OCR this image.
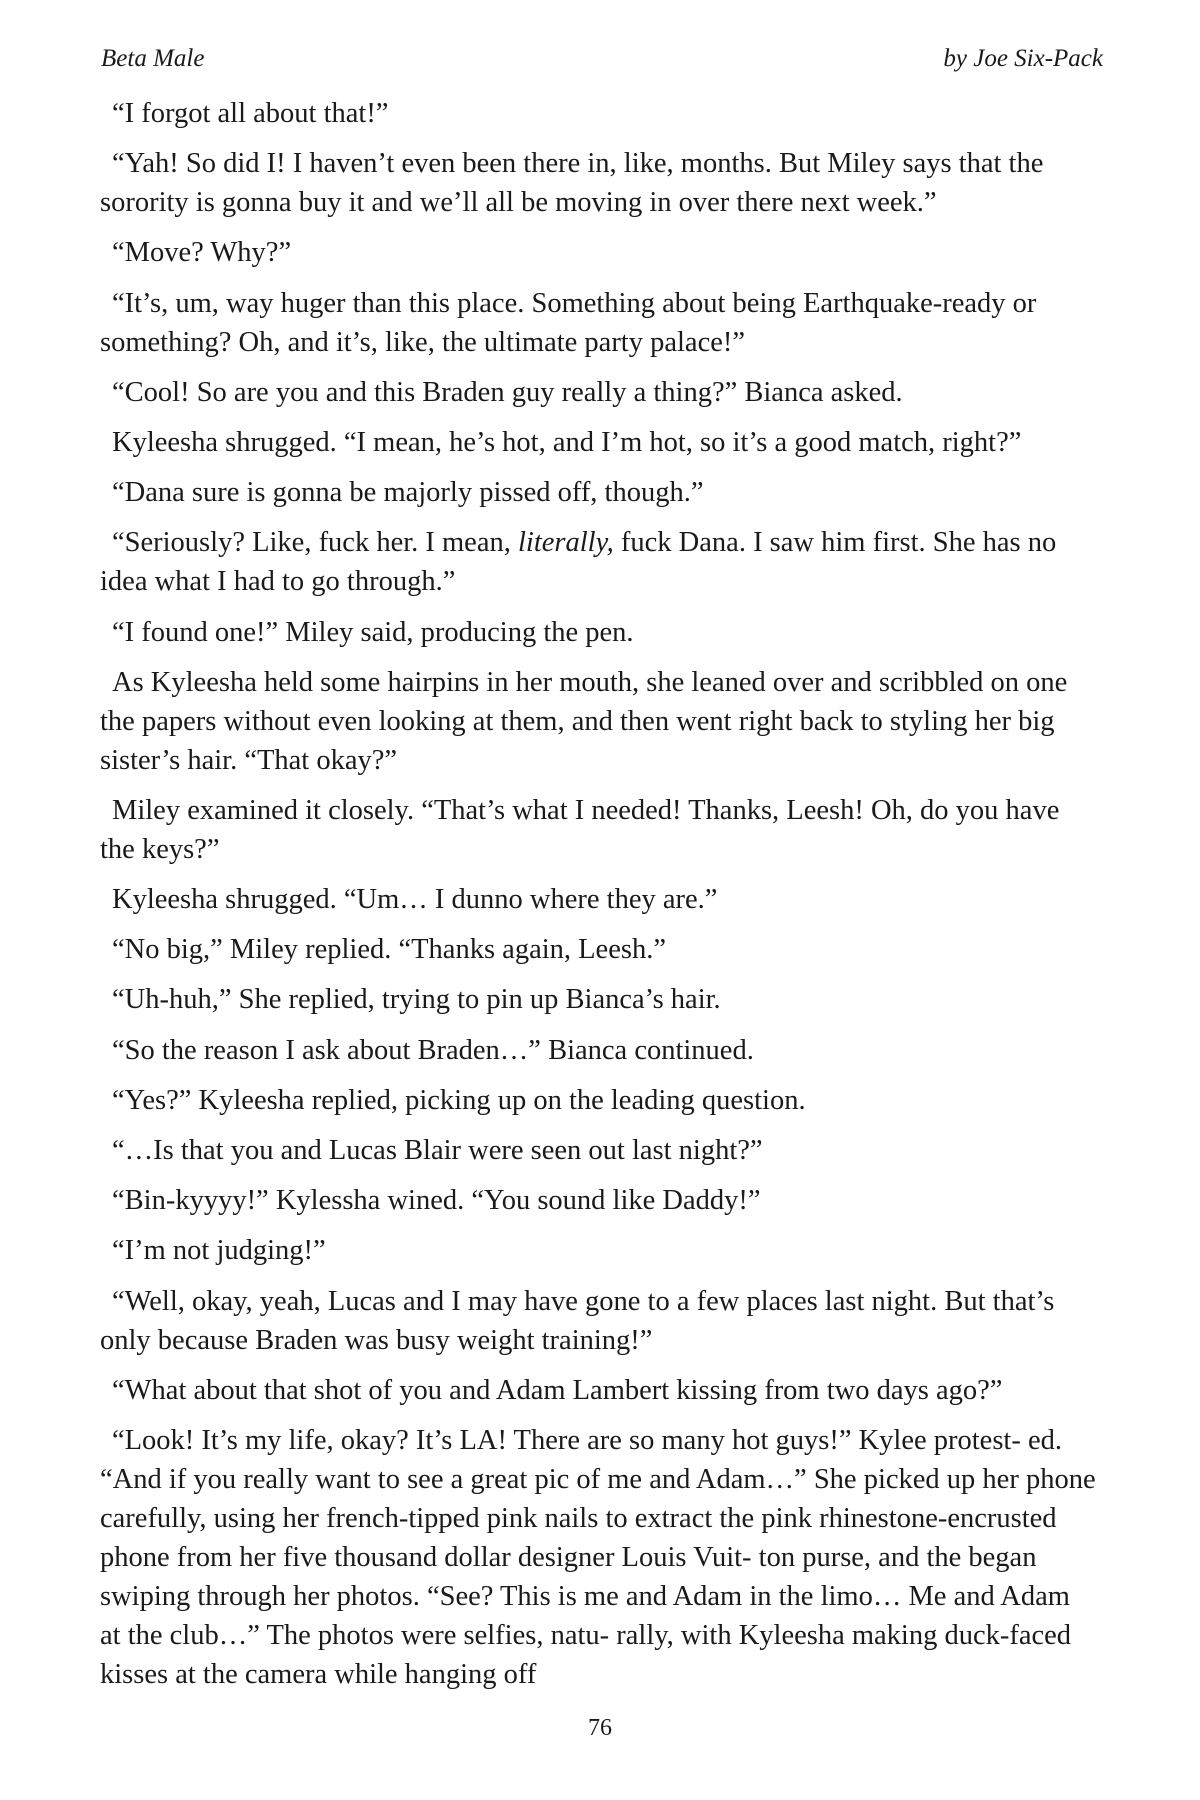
Beta Male	by Joe Six-Pack

“I forgot all about that!”

“Yah! So did I! I haven’t even been there in, like, months. But Miley says that the sorority is gonna buy it and we’ll all be moving in over there next week.”

“Move? Why?”

“It’s, um, way huger than this place. Something about being Earthquake-ready or something? Oh, and it’s, like, the ultimate party palace!”

“Cool! So are you and this Braden guy really a thing?” Bianca asked.

Kyleesha shrugged. “I mean, he’s hot, and I’m hot, so it’s a good match, right?”

“Dana sure is gonna be majorly pissed off, though.”

“Seriously? Like, fuck her. I mean, literally, fuck Dana. I saw him first. She has no idea what I had to go through.”

“I found one!” Miley said, producing the pen.

As Kyleesha held some hairpins in her mouth, she leaned over and scribbled on one the papers without even looking at them, and then went right back to styling her big sister’s hair. “That okay?”

Miley examined it closely. “That’s what I needed! Thanks, Leesh! Oh, do you have the keys?”

Kyleesha shrugged. “Um… I dunno where they are.”

“No big,” Miley replied. “Thanks again, Leesh.”

“Uh-huh,” She replied, trying to pin up Bianca’s hair.

“So the reason I ask about Braden…” Bianca continued.

“Yes?” Kyleesha replied, picking up on the leading question.

“…Is that you and Lucas Blair were seen out last night?”

“Bin-kyyyy!” Kylessha wined. “You sound like Daddy!”

“I’m not judging!”

“Well, okay, yeah, Lucas and I may have gone to a few places last night. But that’s only because Braden was busy weight training!”

“What about that shot of you and Adam Lambert kissing from two days ago?”

“Look! It’s my life, okay? It’s LA! There are so many hot guys!” Kylee protest- ed. “And if you really want to see a great pic of me and Adam…” She picked up her phone carefully, using her french-tipped pink nails to extract the pink rhinestone-encrusted phone from her five thousand dollar designer Louis Vuit- ton purse, and the began swiping through her photos. “See? This is me and Adam in the limo… Me and Adam at the club…” The photos were selfies, natu- rally, with Kyleesha making duck-faced kisses at the camera while hanging off

76
